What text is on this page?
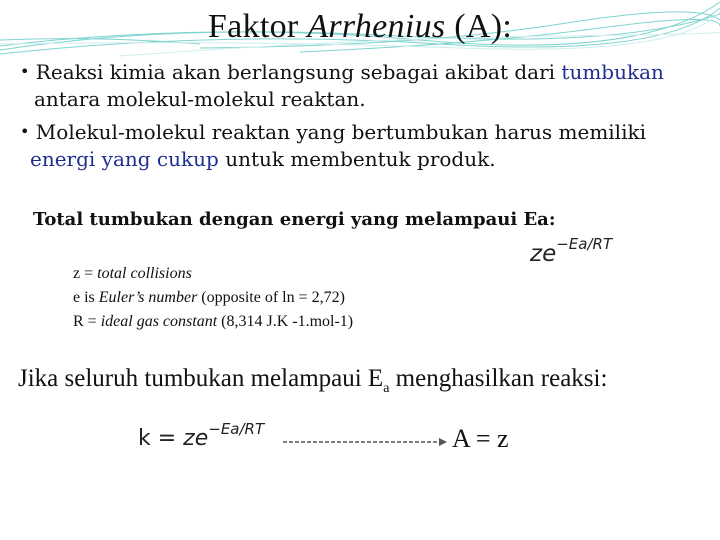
Faktor Arrhenius (A):
• Reaksi kimia akan berlangsung sebagai akibat dari tumbukan
antara molekul-molekul reaktan.
• Molekul-molekul reaktan yang bertumbukan harus memiliki
energi yang cukup untuk membentuk produk.
Total tumbukan dengan energi yang melampaui Ea:
$ze^{-Ea/RT}$
z = total collisions
e is Euler’s number (opposite of ln = 2,72)
R = ideal gas constant (8,314 J.K -1.mol-1)
Jika seluruh tumbukan melampaui $E_a$ menghasilkan reaksi:
$k = ze^{-Ea/RT}$	A = z
